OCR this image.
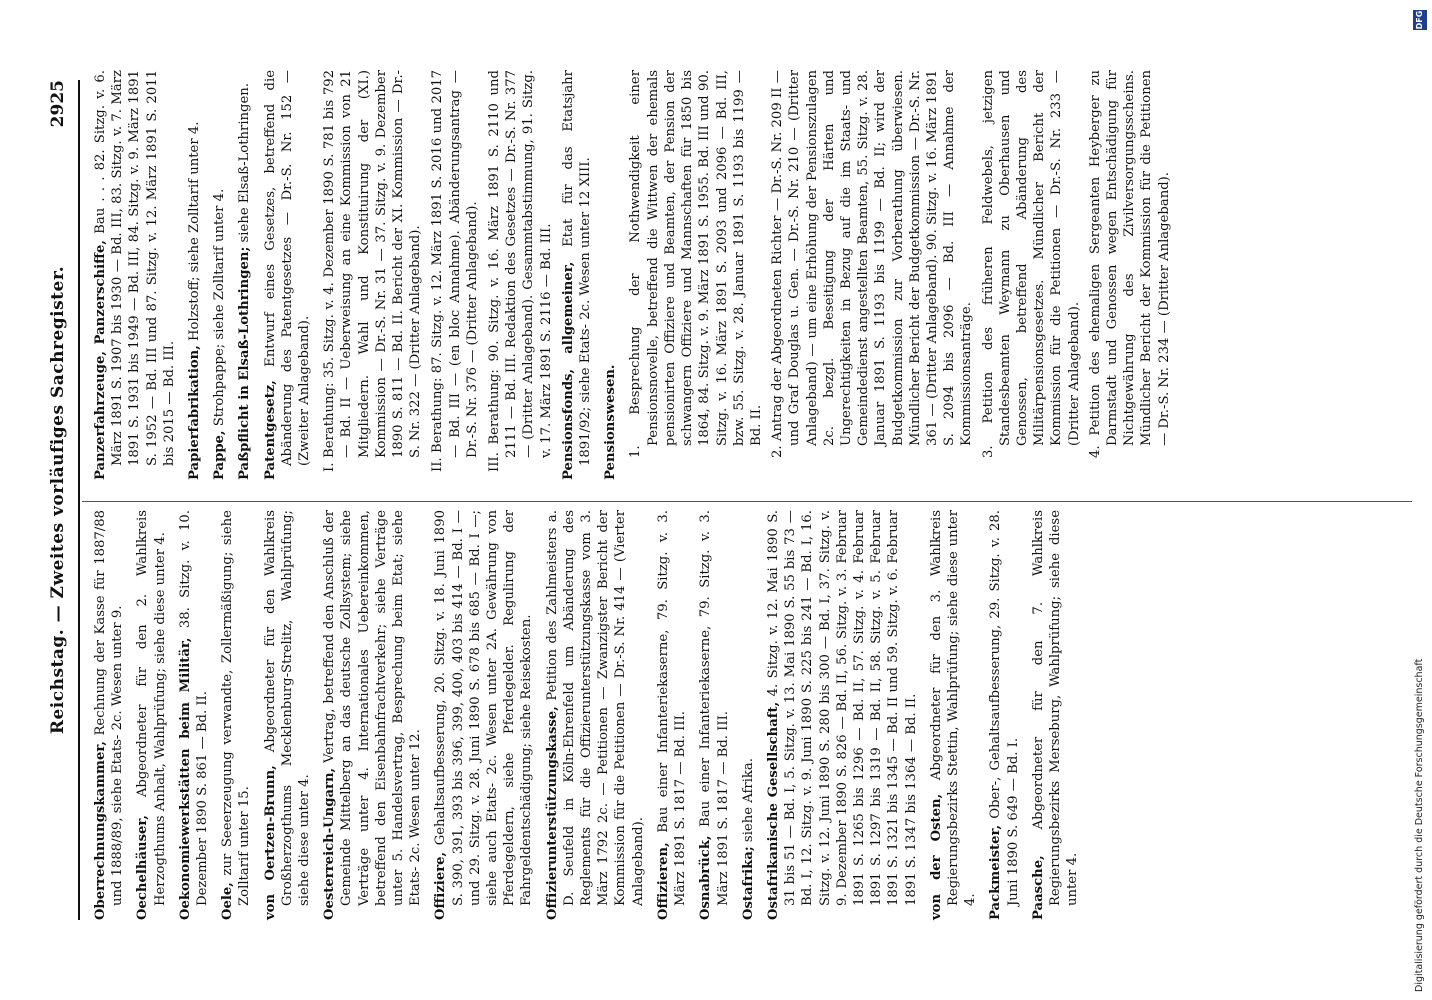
Reichstag. — Zweites vorläufiges Sachregister.
2925

Oberrechnungskammer, Rechnung der Kasse für 1887/88 und 1888/89, siehe Etats- 2c. Wesen unter 9. Oechelhäuser, Abgeordneter für den 2. Wahlkreis Herzogthums Anhalt, Wahlprüfung; siehe diese unter 4. Oekonomiewerkstätten beim Militär, 38. Sitzg. v. 10. Dezember 1890 S. 861 — Bd. II. Oele, zur Seeerzeugung verwandte, Zollermäßigung; siehe Zolltarif unter 15. von Oertzen-Brunn, Abgeordneter für den Wahlkreis Großherzogthums Mecklenburg-Strelitz, Wahlprüfung; siehe diese unter 4. Oesterreich-Ungarn, Vertrag, betreffend den Anschluß der Gemeinde Mittelberg an das deutsche Zollsystem; siehe Verträge unter 4. Internationales Uebereinkommen, betreffend den Eisenbahnfrachtverkehr; siehe Verträge unter 5. Handelsvertrag, Besprechung beim Etat; siehe Etats- 2c. Wesen unter 12. Offiziere, Gehaltsaufbesserung, 20. Sitzg. v. 18. Juni 1890 S. 390, 391, 393 bis 396, 399, 400, 403 bis 414 — Bd. I — und 29. Sitzg. v. 28. Juni 1890 S. 678 bis 685 — Bd. I —; siehe auch Etats- 2c. Wesen unter 2A. Gewährung von Pferdegeldern, siehe Pferdegelder. Regulirung der Fahrgeldentschädigung; siehe Reisekosten. Offizierunterstützungskasse, Petition des Zahlmeisters a. D. Seufeld in Köln-Ehrenfeld um Abänderung des Reglements für die Offizierunterstützungskasse vom 3. März 1792 2c. — Petitionen — Zwanzigster Bericht der Kommission für die Petitionen — Dr.-S. Nr. 414 — (Vierter Anlageband). Offizieren, Bau einer Infanteriekaserne, 79. Sitzg. v. 3. März 1891 S. 1817 — Bd. III. Osnabrück, Bau einer Infanteriekaserne, 79. Sitzg. v. 3. März 1891 S. 1817 — Bd. III. Ostafrika; siehe Afrika. Ostafrikanische Gesellschaft, 4. Sitzg. v. 12. Mai 1890 S. 31 bis 51 — Bd. I, 5. Sitzg. v. 13. Mai 1890 S. 55 bis 73 — Bd. I, 12. Sitzg. v. 9. Juni 1890 S. 225 bis 241 — Bd. I, 16. Sitzg. v. 12. Juni 1890 S. 280 bis 300 — Bd. I, 37. Sitzg. v. 9. Dezember 1890 S. 826 — Bd. II, 56. Sitzg. v. 3. Februar 1891 S. 1265 bis 1296 — Bd. II, 57. Sitzg. v. 4. Februar 1891 S. 1297 bis 1319 — Bd. II, 58. Sitzg. v. 5. Februar 1891 S. 1321 bis 1345 — Bd. II und 59. Sitzg. v. 6. Februar 1891 S. 1347 bis 1364 — Bd. II. von der Osten, Abgeordneter für den 3. Wahlkreis Regierungsbezirks Stettin, Wahlprüfung; siehe diese unter 4. Packmeister, Ober-, Gehaltsaufbesserung, 29. Sitzg. v. 28. Juni 1890 S. 649 — Bd. I. Paasche, Abgeordneter für den 7. Wahlkreis Regierungsbezirks Merseburg, Wahlprüfung; siehe diese unter 4.

Panzerfahrzeuge, Panzerschiffe, Bau . . . 82. Sitzg. v. 6. März 1891 S. 1907 bis 1930 — Bd. III, 83. Sitzg. v. 7. März 1891 S. 1931 bis 1949 — Bd. III, 84. Sitzg. v. 9. März 1891 S. 1952 — Bd. III und 87. Sitzg. v. 12. März 1891 S. 2011 bis 2015 — Bd. III. Papierfabrikation, Holzstoff; siehe Zolltarif unter 4.

Pappe, Strohpappe; siehe Zolltarif unter 4. Paßpflicht in Elsaß-Lothringen; siehe Elsaß-Lothringen.

Patentgesetz, Entwurf eines Gesetzes, betreffend die Abänderung des Patentgesetzes — Dr.-S. Nr. 152 — (Zweiter Anlageband). I. Berathung: 35. Sitzg. v. 4. Dezember 1890 S. 781 bis 792 — Bd. II — Ueberweisung an eine Kommission von 21 Mitgliedern. Wahl und Konstituirung der (XI.) Kommission — Dr.-S. Nr. 31 — 37. Sitzg. v. 9. Dezember 1890 S. 811 — Bd. II. Bericht der XI. Kommission — Dr.-S. Nr. 322 — (Dritter Anlageband). II. Berathung: 87. Sitzg. v. 12. März 1891 S. 2016 und 2017 — Bd. III — (en bloc Annahme). Abänderungsantrag — Dr.-S. Nr. 376 — (Dritter Anlageband). III. Berathung: 90. Sitzg. v. 16. März 1891 S. 2110 und 2111 — Bd. III. Redaktion des Gesetzes — Dr.-S. Nr. 377 — (Dritter Anlageband). Gesammtabstimmung, 91. Sitzg. v. 17. März 1891 S. 2116 — Bd. III. Pensionsfonds, allgemeiner, Etat für das Etatsjahr 1891/92; siehe Etats- 2c. Wesen unter 12 XIII. Pensionswesen. 1. Besprechung der Nothwendigkeit einer Pensionsnovelle, betreffend die Wittwen der ehemals pensionirten Offiziere und Beamten, der Pension der schwangern Offiziere und Mannschaften für 1850 bis 1864, 84. Sitzg. v. 9. März 1891 S. 1955. Bd. III und 90. Sitzg. v. 16. März 1891 S. 2093 und 2096 — Bd. III, bzw. 55. Sitzg. v. 28. Januar 1891 S. 1193 bis 1199 — Bd. II. 2. Antrag der Abgeordneten Richter — Dr.-S. Nr. 209 II — und Graf Douglas u. Gen. — Dr.-S. Nr. 210 — (Dritter Anlageband) — um eine Erhöhung der Pensionszulagen 2c. bezgl. Beseitigung der Härten und Ungerechtigkeiten in Bezug auf die im Staats- und Gemeindedienst angestellten Beamten, 55. Sitzg. v. 28. Januar 1891 S. 1193 bis 1199 — Bd. II; wird der Budgetkommission zur Vorberathung überwiesen. Mündlicher Bericht der Budgetkommission — Dr.-S. Nr. 361 — (Dritter Anlageband). 90. Sitzg. v. 16. März 1891 S. 2094 bis 2096 — Bd. III — Annahme der Kommissionsanträge. 3. Petition des früheren Feldwebels, jetzigen Standesbeamten Weymann zu Oberhausen und Genossen, betreffend Abänderung des Militärpensionsgesetzes. Mündlicher Bericht der Kommission für die Petitionen — Dr.-S. Nr. 233 — (Dritter Anlageband). 4. Petition des ehemaligen Sergeanten Heyberger zu Darmstadt und Genossen wegen Entschädigung für Nichtgewährung des Zivilversorgungsscheins. Mündlicher Bericht der Kommission für die Petitionen — Dr.-S. Nr. 234 — (Dritter Anlageband).

Digitalisierung gefördert durch die Deutsche Forschungsgemeinschaft
DFG
